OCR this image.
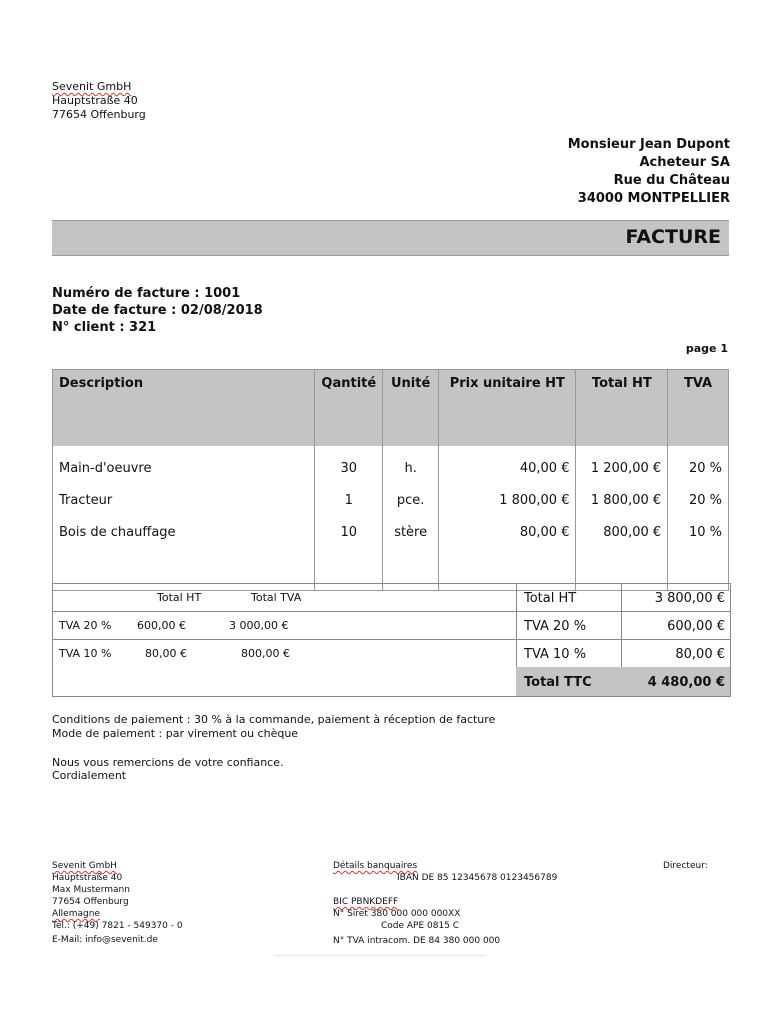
Sevenit GmbH
Hauptstraße 40
77654 Offenburg
Monsieur Jean Dupont
Acheteur SA
Rue du Château
34000 MONTPELLIER
FACTURE
Numéro de facture : 1001
Date de facture : 02/08/2018
N° client : 321
page 1
Description	Qantité	Unité	Prix unitaire HT	Total HT	TVA
Main-d'oeuvre	30	h.	40,00 €	1 200,00 €	20 %
Tracteur	1	pce.	1 800,00 €	1 800,00 €	20 %
Bois de chauffage	10	stère	80,00 €	800,00 €	10 %

Total HT	Total TVA
TVA 20 % 600,00 €	3 000,00 €
TVA 10 %	80,00 €	800,00 €
Total HT	3 800,00 €
TVA 20 %	600,00 €
TVA 10 %	80,00 €
Total TTC	4 480,00 €
Conditions de paiement : 30 % à la commande, paiement à réception de facture
Mode de paiement : par virement ou chèque
Nous vous remercions de votre confiance.
Cordialement
Sevenit GmbH
Hauptstraße 40
Max Mustermann
77654 Offenburg
Allemagne
Tél.: (+49) 7821 - 549370 - 0
E-Mail: info@sevenit.de
Détails banquaires
IBAN DE 85 12345678 0123456789
BIC PBNKDEFF
N° Siret 380 000 000 000XX
Code APE 0815 C
N° TVA intracom. DE 84 380 000 000
Directeur:
